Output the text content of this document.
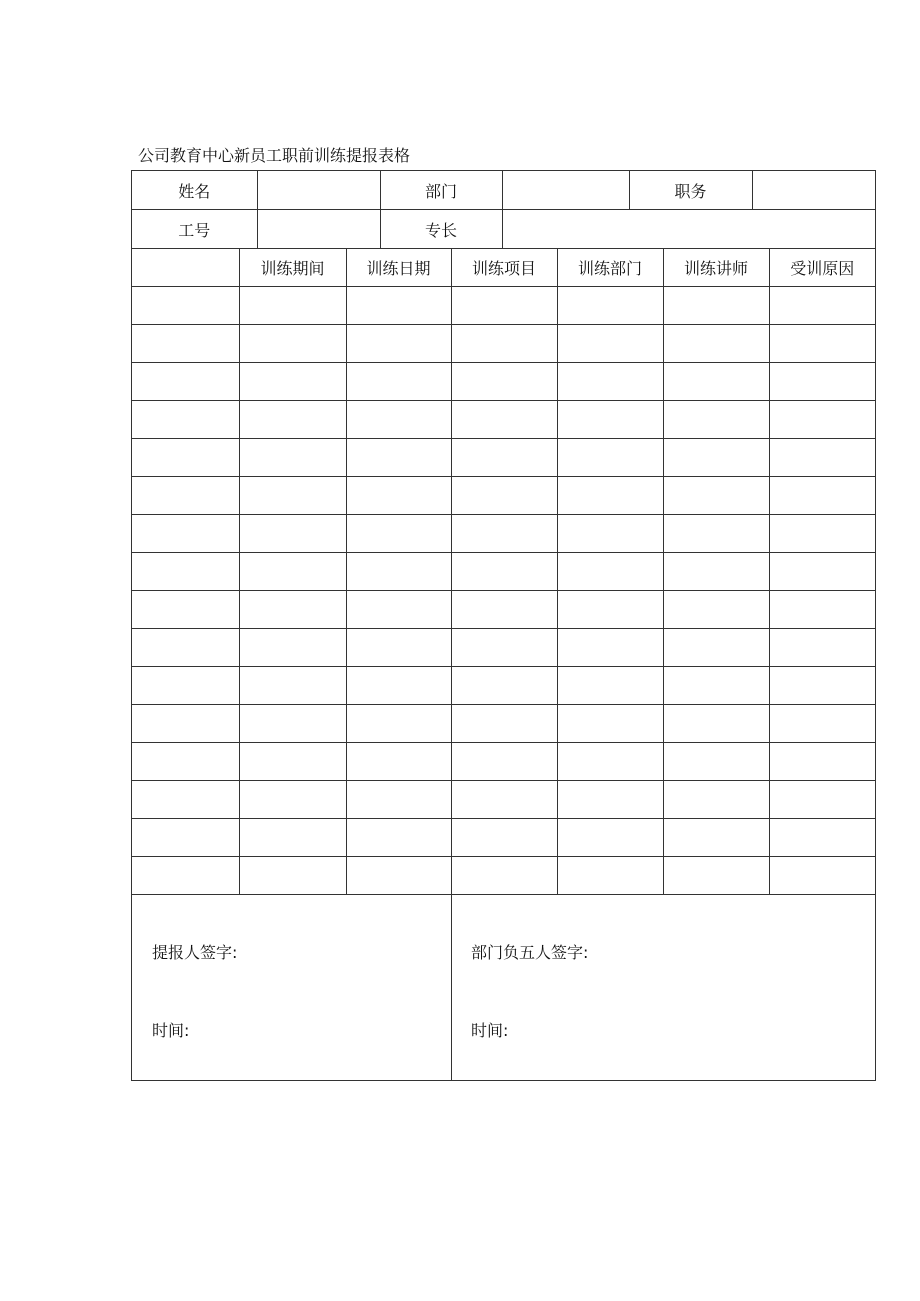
公司教育中心新员工职前训练提报表格
姓名		部门		职务	
工号		专长			
	训练期间	训练日期	训练项目	训练部门	训练讲师	受训原因

提报人签字:
时间:
部门负五人签字:
时间:
